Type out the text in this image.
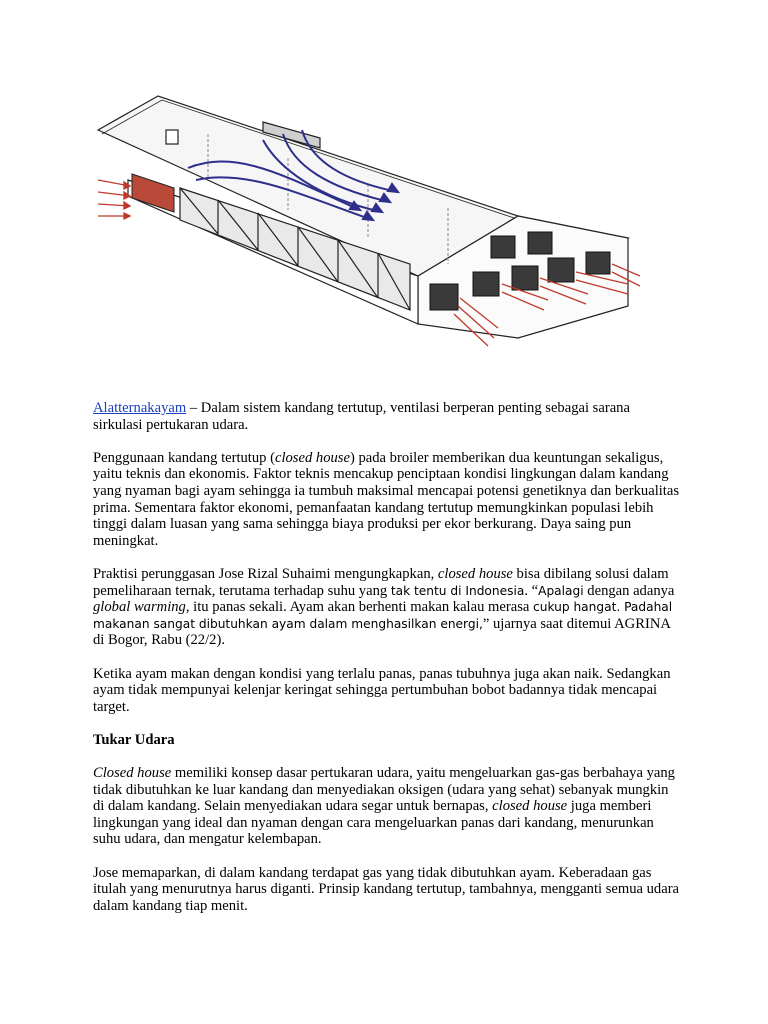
Alatternakayam – Dalam sistem kandang tertutup, ventilasi berperan penting sebagai sarana sirkulasi pertukaran udara.

Penggunaan kandang tertutup (closed house) pada broiler memberikan dua keuntungan sekaligus, yaitu teknis dan ekonomis. Faktor teknis mencakup penciptaan kondisi lingkungan dalam kandang yang nyaman bagi ayam sehingga ia tumbuh maksimal mencapai potensi genetiknya dan berkualitas prima. Sementara faktor ekonomi, pemanfaatan kandang tertutup memungkinkan populasi lebih tinggi dalam luasan yang sama sehingga biaya produksi per ekor berkurang. Daya saing pun meningkat.

Praktisi perunggasan Jose Rizal Suhaimi mengungkapkan, closed house bisa dibilang solusi dalam pemeliharaan ternak, terutama terhadap suhu yang tak tentu di Indonesia. “Apalagi dengan adanya global warming, itu panas sekali. Ayam akan berhenti makan kalau merasa cukup hangat. Padahal makanan sangat dibutuhkan ayam dalam menghasilkan energi,” ujarnya saat ditemui AGRINA di Bogor, Rabu (22/2).

Ketika ayam makan dengan kondisi yang terlalu panas, panas tubuhnya juga akan naik. Sedangkan ayam tidak mempunyai kelenjar keringat sehingga pertumbuhan bobot badannya tidak mencapai target.

Tukar Udara

Closed house memiliki konsep dasar pertukaran udara, yaitu mengeluarkan gas-gas berbahaya yang tidak dibutuhkan ke luar kandang dan menyediakan oksigen (udara yang sehat) sebanyak mungkin di dalam kandang. Selain menyediakan udara segar untuk bernapas, closed house juga memberi lingkungan yang ideal dan nyaman dengan cara mengeluarkan panas dari kandang, menurunkan suhu udara, dan mengatur kelembapan.

Jose memaparkan, di dalam kandang terdapat gas yang tidak dibutuhkan ayam. Keberadaan gas itulah yang menurutnya harus diganti. Prinsip kandang tertutup, tambahnya, mengganti semua udara dalam kandang tiap menit.
